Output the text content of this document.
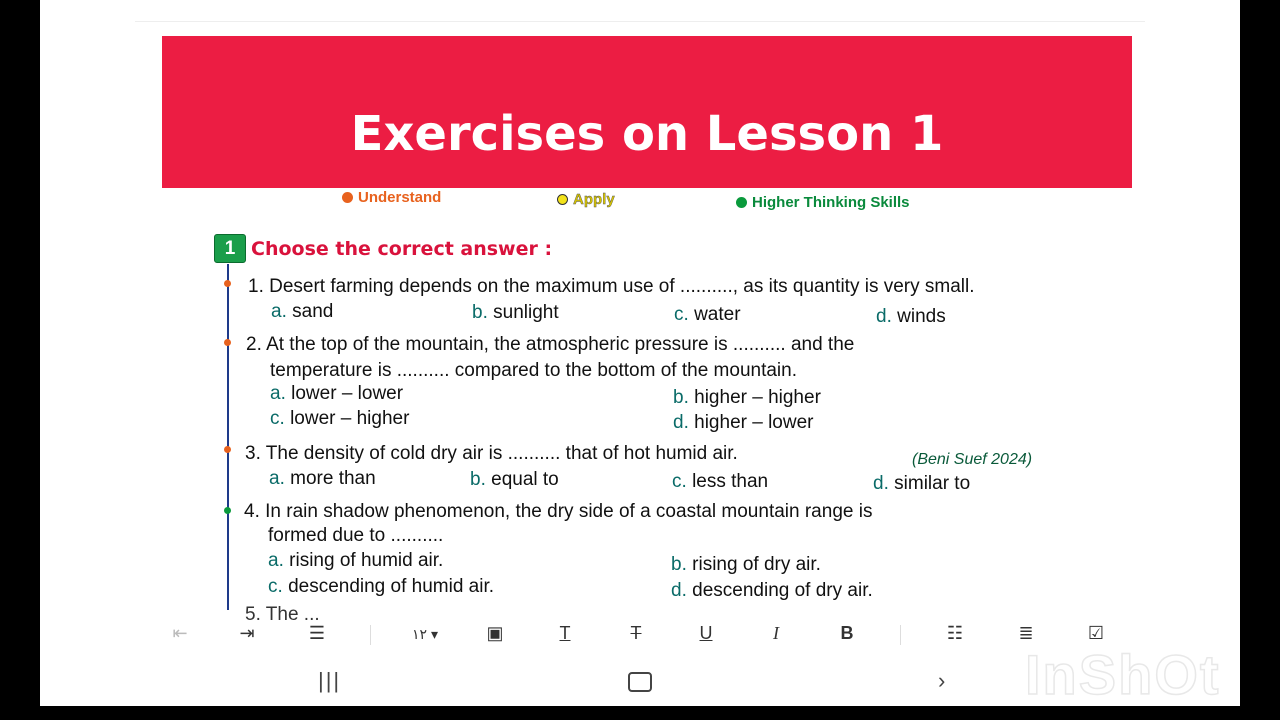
Exercises on Lesson 1
Understand	Apply	Higher Thinking Skills
1 Choose the correct answer :
1. Desert farming depends on the maximum use of .........., as its quantity is very small.
a. sand	b. sunlight	c. water	d. winds
2. At the top of the mountain, the atmospheric pressure is .......... and the
temperature is .......... compared to the bottom of the mountain.
a. lower – lower	b. higher – higher
c. lower – higher	d. higher – lower
3. The density of cold dry air is .......... that of hot humid air.	(Beni Suef 2024)
a. more than	b. equal to	c. less than	d. similar to
4. In rain shadow phenomenon, the dry side of a coastal mountain range is
formed due to ..........
a. rising of humid air.	b. rising of dry air.
c. descending of humid air.	d. descending of dry air.
5. The ...
⇤	⇥	☰	١٢ ▾	▣	T	T	U	I	B	☷	≣	☑
|||	› InShOt
